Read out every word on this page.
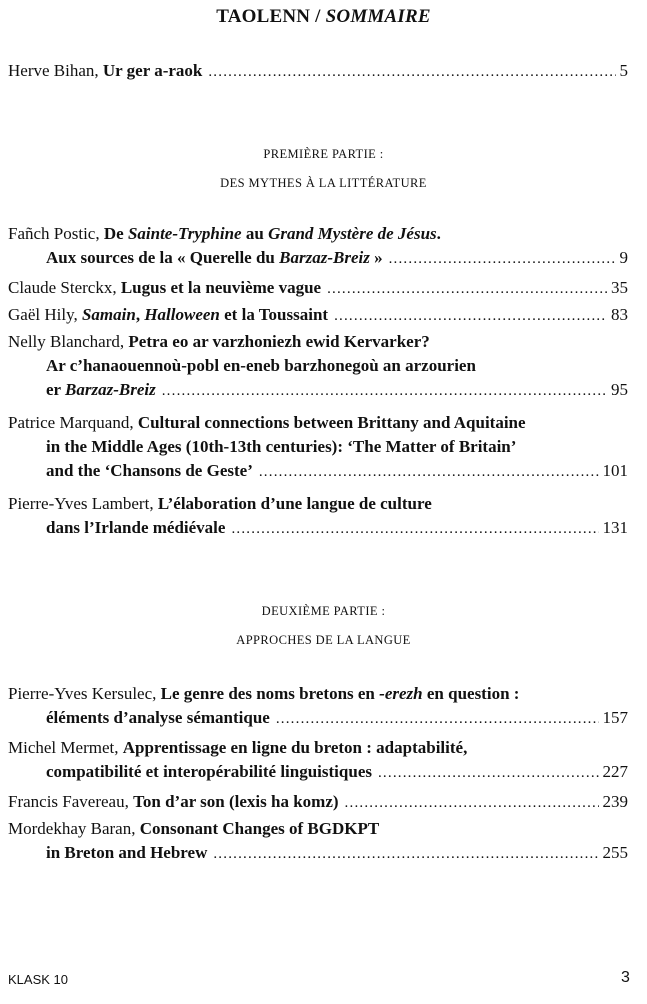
TAOLENN / SOMMAIRE
Herve Bihan, Ur ger a-raok .....	5
PREMIÈRE PARTIE :
DES MYTHES À LA LITTÉRATURE
Fañch Postic, De Sainte-Tryphine au Grand Mystère de Jésus.
Aux sources de la « Querelle du Barzaz-Breiz » .....	9
Claude Sterckx, Lugus et la neuvième vague .....	35
Gaël Hily, Samain, Halloween et la Toussaint .....	83
Nelly Blanchard, Petra eo ar varzhoniezh ewid Kervarker?
Ar c’hanaouennoù-pobl en-eneb barzhonegoù an arzourien
er Barzaz-Breiz .....	95
Patrice Marquand, Cultural connections between Brittany and Aquitaine
in the Middle Ages (10th-13th centuries): ‘The Matter of Britain’
and the ‘Chansons de Geste’ .....	101
Pierre-Yves Lambert, L’élaboration d’une langue de culture
dans l’Irlande médiévale .....	131
DEUXIÈME PARTIE :
APPROCHES DE LA LANGUE
Pierre-Yves Kersulec, Le genre des noms bretons en -erezh en question :
éléments d’analyse sémantique .....	157
Michel Mermet, Apprentissage en ligne du breton : adaptabilité,
compatibilité et interopérabilité linguistiques .....	227
Francis Favereau, Ton d’ar son (lexis ha komz) .....	239
Mordekhay Baran, Consonant Changes of BGDKPT
in Breton and Hebrew .....	255
KLASK 10	3
